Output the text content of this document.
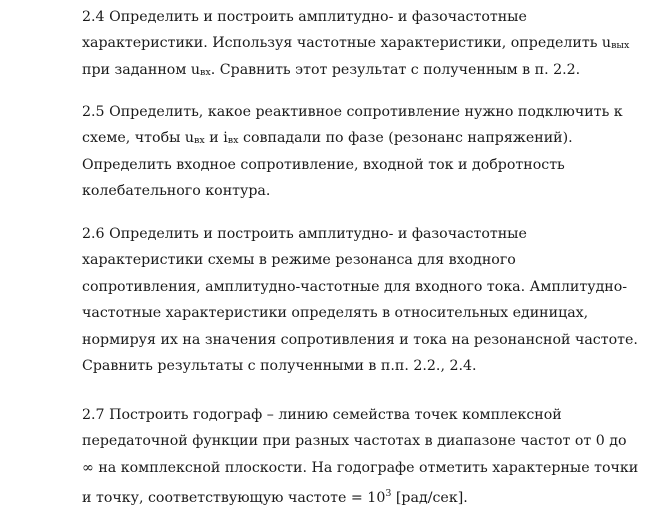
2.4 Определить и построить амплитудно- и фазочастотные
характеристики. Используя частотные характеристики, определить uвых
при заданном uвх. Сравнить этот результат с полученным в п. 2.2.
2.5 Определить, какое реактивное сопротивление нужно подключить к
схеме, чтобы uвх и iвх совпадали по фазе (резонанс напряжений).
Определить входное сопротивление, входной ток и добротность
колебательного контура.
2.6 Определить и построить амплитудно- и фазочастотные
характеристики схемы в режиме резонанса для входного
сопротивления, амплитудно-частотные для входного тока. Амплитудно-
частотные характеристики определять в относительных единицах,
нормируя их на значения сопротивления и тока на резонансной частоте.
Сравнить результаты с полученными в п.п. 2.2., 2.4.
2.7 Построить годограф – линию семейства точек комплексной
передаточной функции при разных частотах в диапазоне частот от 0 до
∞ на комплексной плоскости. На годографе отметить характерные точки
и точку, соответствующую частоте = $10^3$ [рад/сек].
